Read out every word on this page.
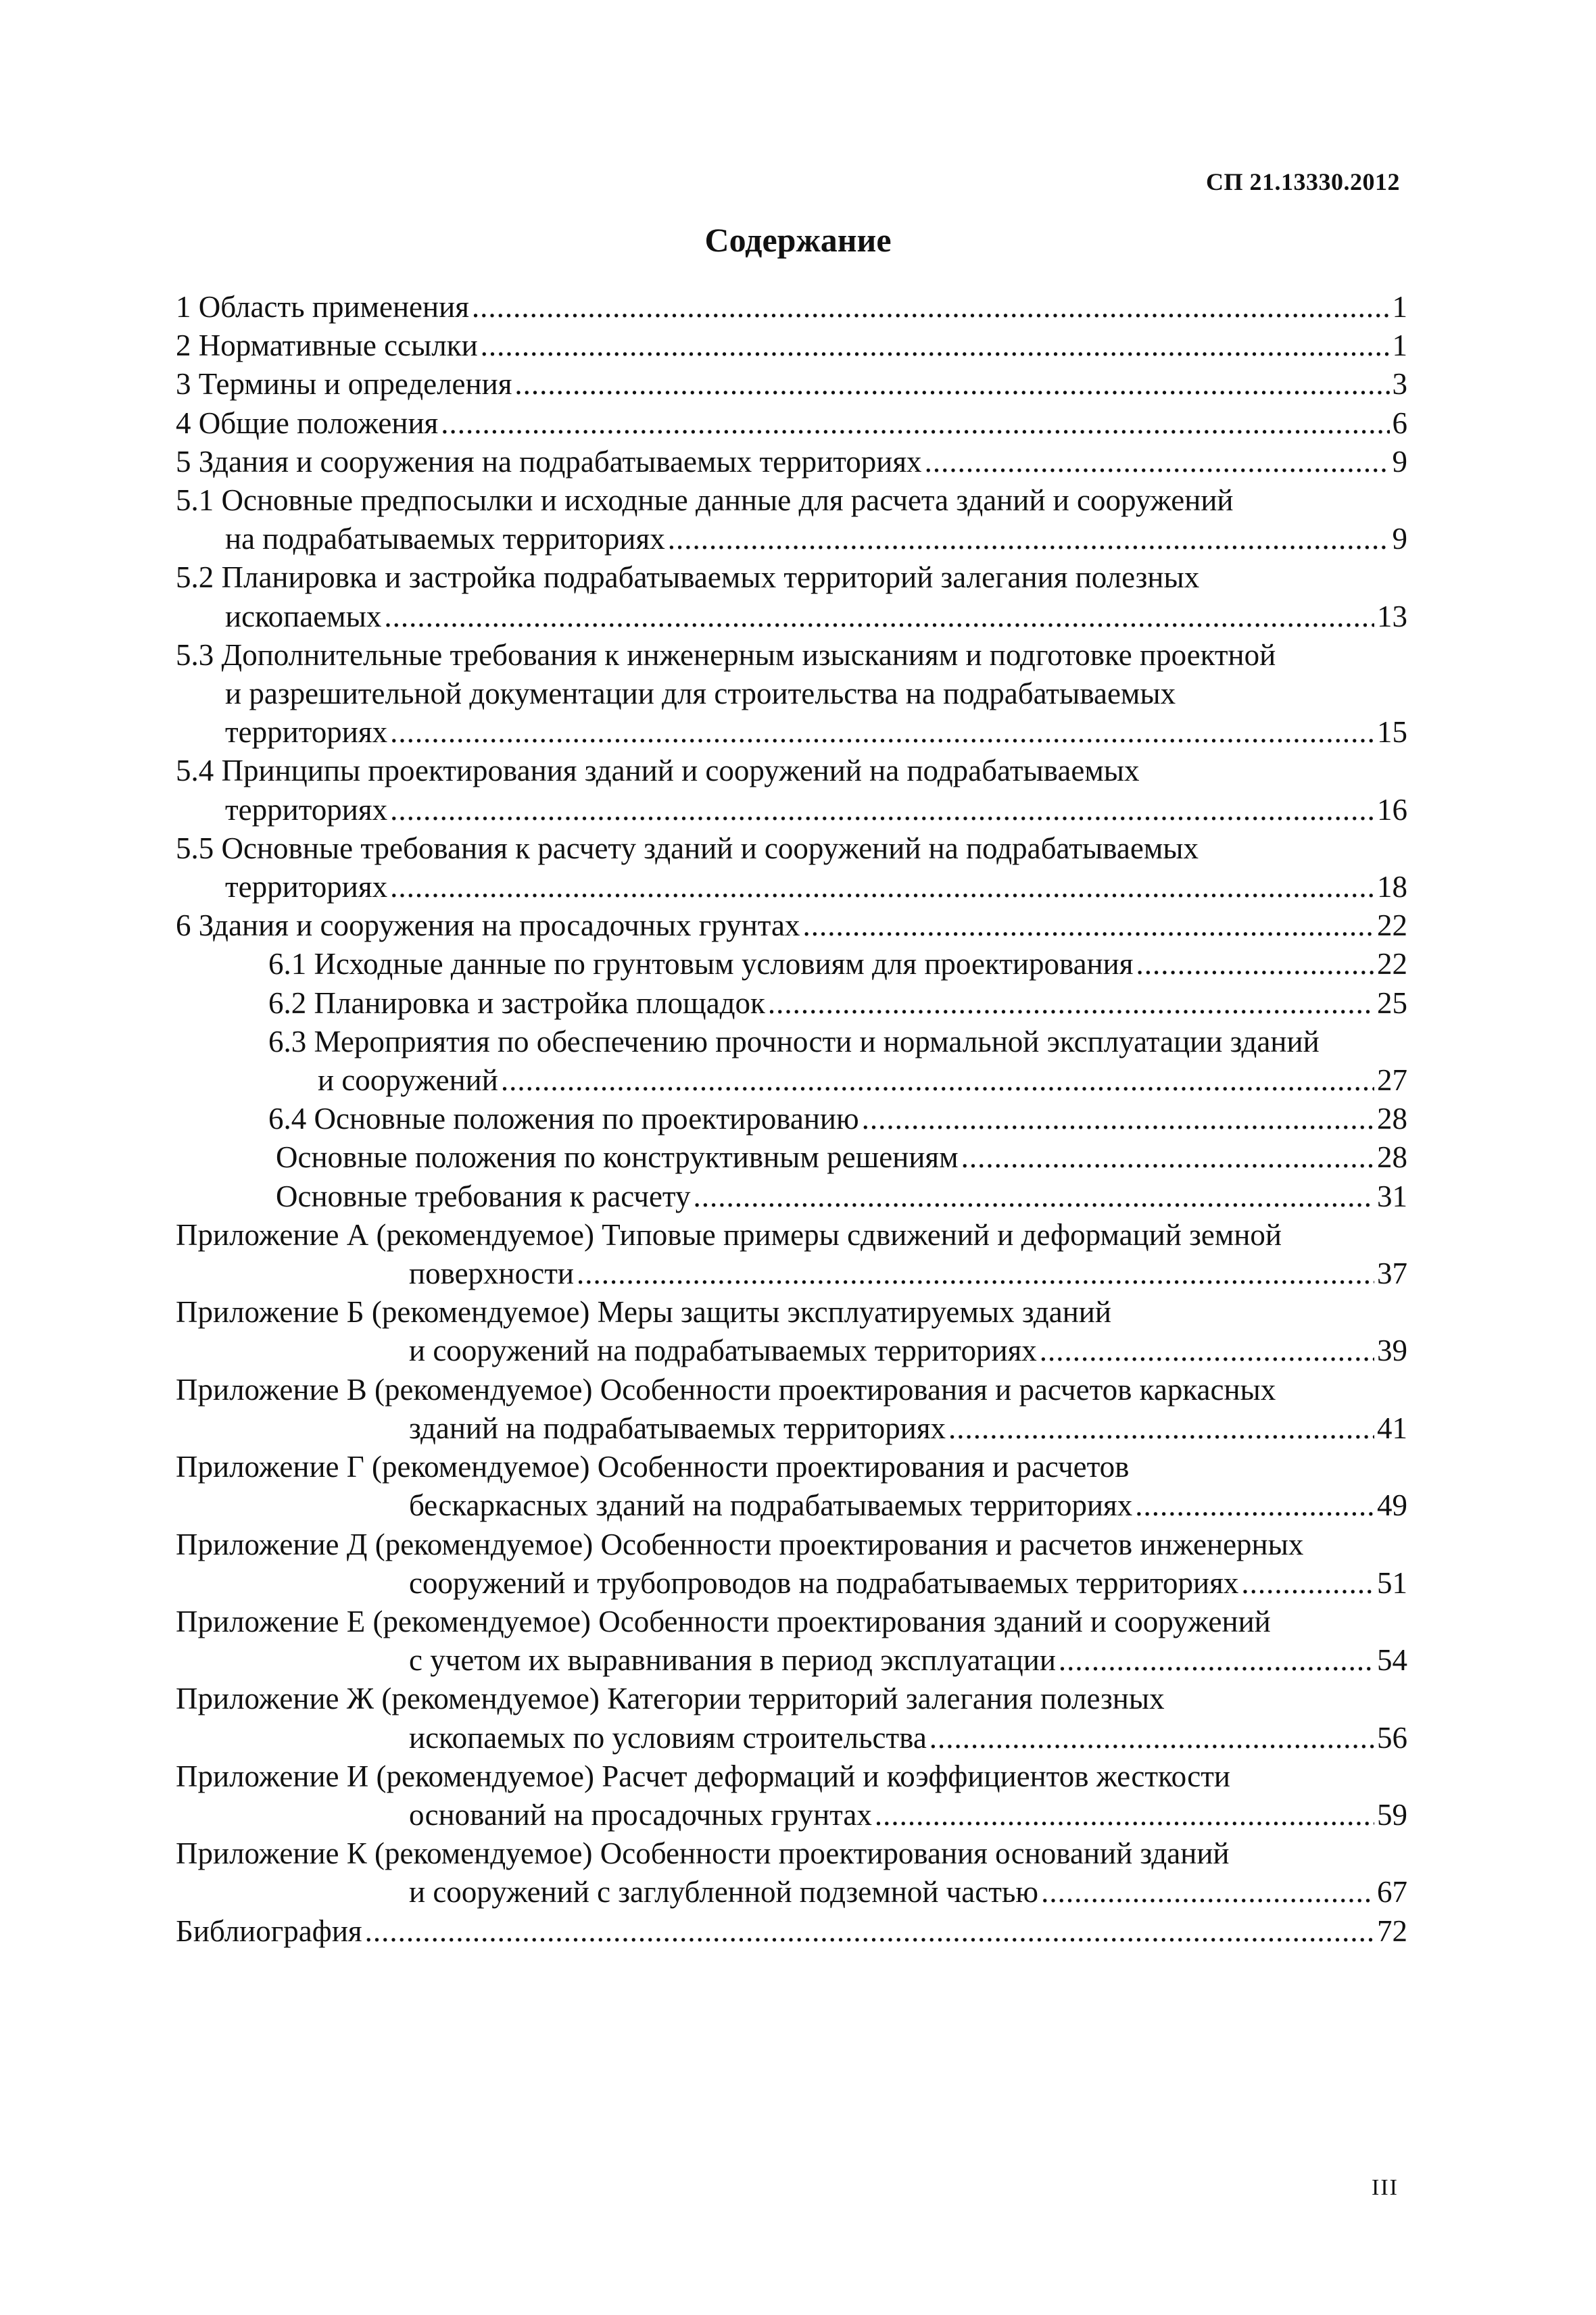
СП 21.13330.2012
Содержание
1 Область применения .....	1
2 Нормативные ссылки .....	1
3 Термины и определения .....	3
4 Общие положения .....	6
5 Здания и сооружения на подрабатываемых территориях .....	9
5.1 Основные предпосылки и исходные данные для расчета зданий и сооружений
на подрабатываемых территориях .....	9
5.2 Планировка и застройка подрабатываемых территорий залегания полезных
ископаемых .....	13
5.3 Дополнительные требования к инженерным изысканиям и подготовке проектной
и разрешительной документации для строительства на подрабатываемых
территориях .....	15
5.4 Принципы проектирования зданий и сооружений на подрабатываемых
территориях .....	16
5.5 Основные требования к расчету зданий и сооружений на подрабатываемых
территориях .....	18
6 Здания и сооружения на просадочных грунтах .....	22
6.1 Исходные данные по грунтовым условиям для проектирования .....	22
6.2 Планировка и застройка площадок .....	25
6.3 Мероприятия по обеспечению прочности и нормальной эксплуатации зданий
и сооружений .....	27
6.4 Основные положения по проектированию .....	28
Основные положения по конструктивным решениям .....	28
Основные требования к расчету .....	31
Приложение А (рекомендуемое) Типовые примеры сдвижений и деформаций земной
поверхности .....	37
Приложение Б (рекомендуемое) Меры защиты эксплуатируемых зданий
и сооружений на подрабатываемых территориях .....	39
Приложение В (рекомендуемое) Особенности проектирования и расчетов каркасных
зданий на подрабатываемых территориях .....	41
Приложение Г (рекомендуемое) Особенности проектирования и расчетов
бескаркасных зданий на подрабатываемых территориях .....	49
Приложение Д (рекомендуемое) Особенности проектирования и расчетов инженерных
сооружений и трубопроводов на подрабатываемых территориях .....	51
Приложение Е (рекомендуемое) Особенности проектирования зданий и сооружений
с учетом их выравнивания в период эксплуатации .....	54
Приложение Ж (рекомендуемое) Категории территорий залегания полезных
ископаемых по условиям строительства .....	56
Приложение И (рекомендуемое) Расчет деформаций и коэффициентов жесткости
оснований на просадочных грунтах .....	59
Приложение К (рекомендуемое) Особенности проектирования оснований зданий
и сооружений с заглубленной подземной частью .....	67
Библиография .....	72
III
